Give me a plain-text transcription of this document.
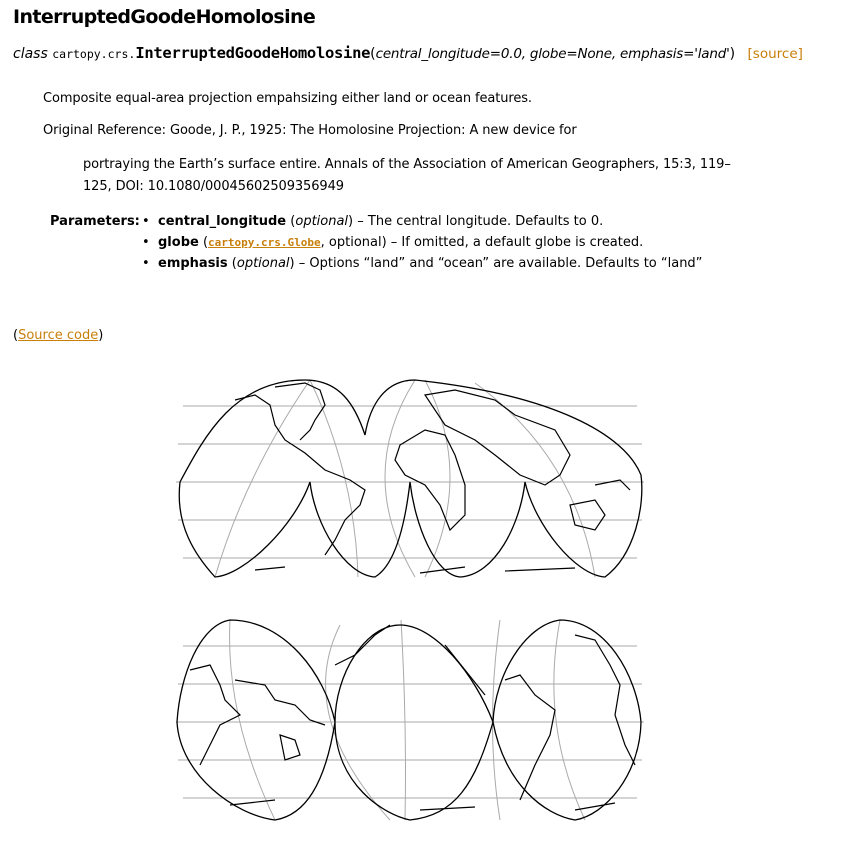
InterruptedGoodeHomolosine
class cartopy.crs.InterruptedGoodeHomolosine(central_longitude=0.0, globe=None, emphasis='land') [source]
Composite equal-area projection empahsizing either land or ocean features.
Original Reference: Goode, J. P., 1925: The Homolosine Projection: A new device for
portraying the Earth’s surface entire. Annals of the Association of American Geographers, 15:3, 119–
125, DOI: 10.1080/00045602509356949
Parameters: • central_longitude (optional) – The central longitude. Defaults to 0.
• globe (cartopy.crs.Globe, optional) – If omitted, a default globe is created.
• emphasis (optional) – Options “land” and “ocean” are available. Defaults to “land”
(Source code)
